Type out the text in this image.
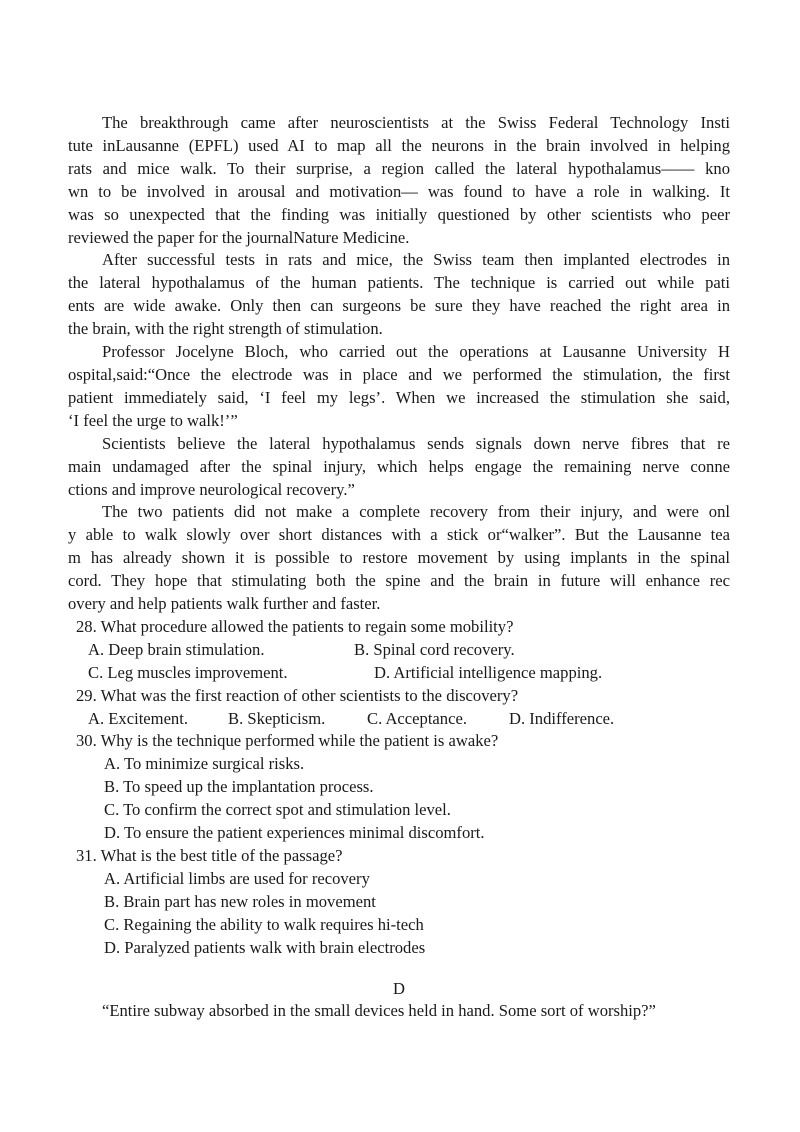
The breakthrough came after neuroscientists at the Swiss Federal Technology Insti
tute inLausanne (EPFL) used AI to map all the neurons in the brain involved in helping
rats and mice walk. To their surprise, a region called the lateral hypothalamus—— kno
wn to be involved in arousal and motivation— was found to have a role in walking. It
was so unexpected that the finding was initially questioned by other scientists who peer
reviewed the paper for the journalNature Medicine.
After successful tests in rats and mice, the Swiss team then implanted electrodes in
the lateral hypothalamus of the human patients. The technique is carried out while pati
ents are wide awake. Only then can surgeons be sure they have reached the right area in
the brain, with the right strength of stimulation.
Professor Jocelyne Bloch, who carried out the operations at Lausanne University H
ospital,said:“Once the electrode was in place and we performed the stimulation, the first
patient immediately said, ‘I feel my legs’. When we increased the stimulation she said,
‘I feel the urge to walk!’”
Scientists believe the lateral hypothalamus sends signals down nerve fibres that re
main undamaged after the spinal injury, which helps engage the remaining nerve conne
ctions and improve neurological recovery.”
The two patients did not make a complete recovery from their injury, and were onl
y able to walk slowly over short distances with a stick or“walker”. But the Lausanne tea
m has already shown it is possible to restore movement by using implants in the spinal
cord. They hope that stimulating both the spine and the brain in future will enhance rec
overy and help patients walk further and faster.
28. What procedure allowed the patients to regain some mobility?
A. Deep brain stimulation.	B. Spinal cord recovery.
C. Leg muscles improvement.	D. Artificial intelligence mapping.
29. What was the first reaction of other scientists to the discovery?
A. Excitement.	B. Skepticism.	C. Acceptance.	D. Indifference.
30. Why is the technique performed while the patient is awake?
A. To minimize surgical risks.
B. To speed up the implantation process.
C. To confirm the correct spot and stimulation level.
D. To ensure the patient experiences minimal discomfort.
31. What is the best title of the passage?
A. Artificial limbs are used for recovery
B. Brain part has new roles in movement
C. Regaining the ability to walk requires hi-tech
D. Paralyzed patients walk with brain electrodes
D
“Entire subway absorbed in the small devices held in hand. Some sort of worship?”
